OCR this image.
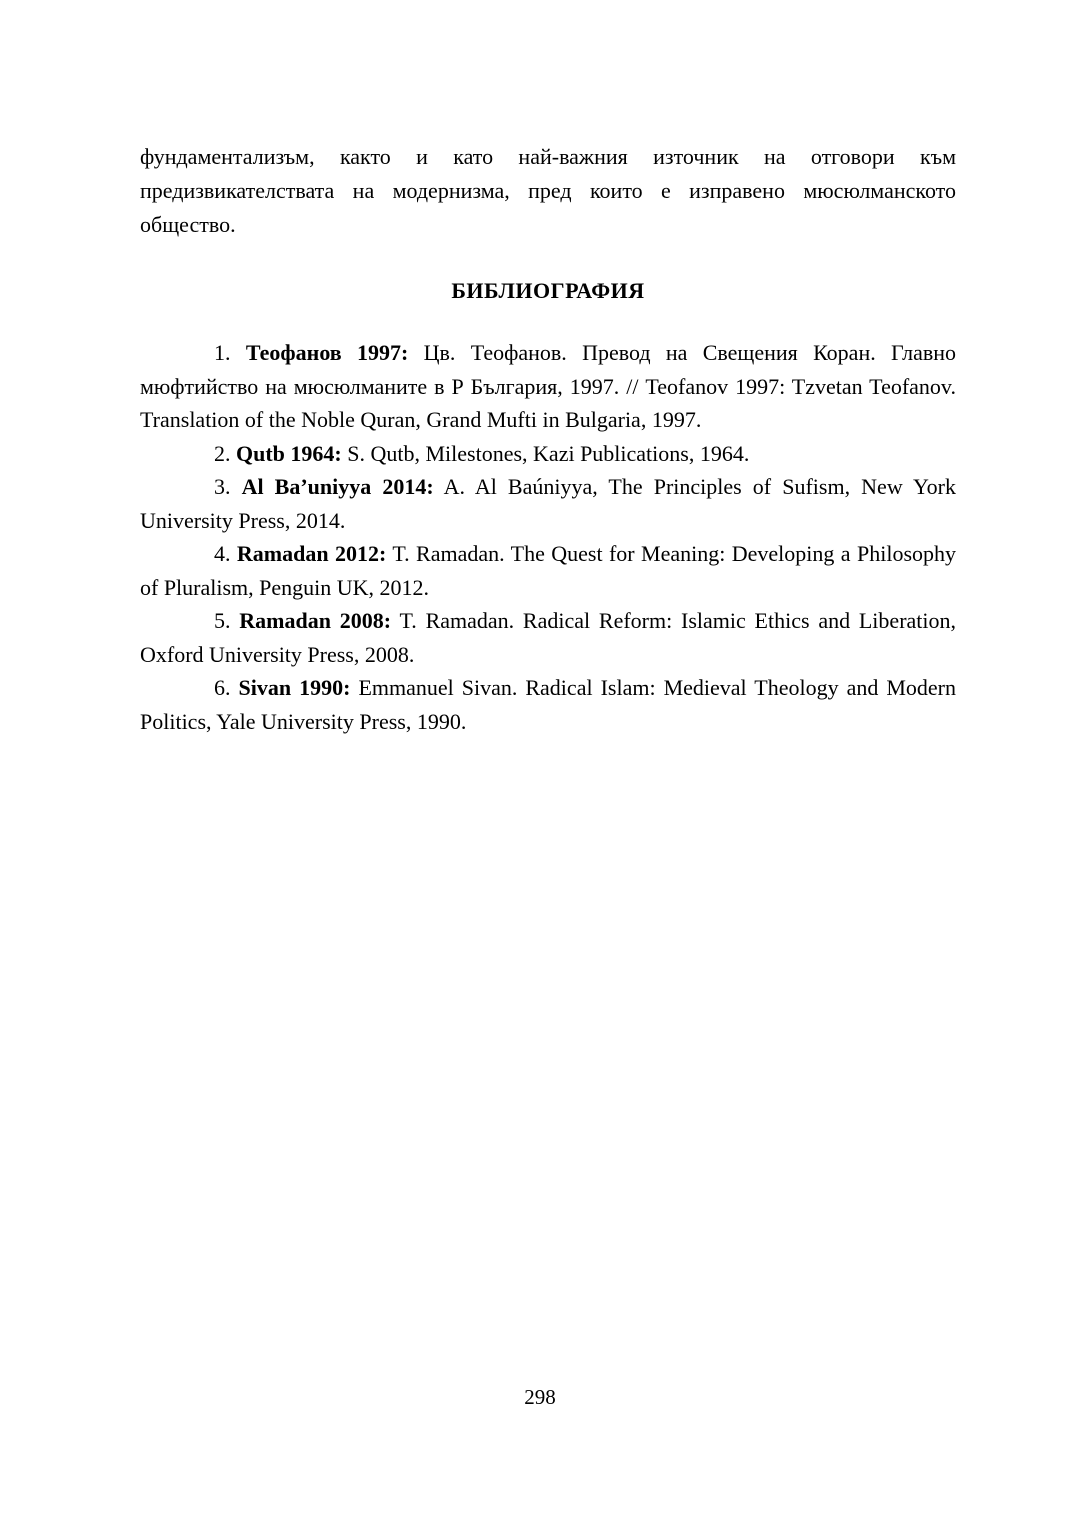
фундаментализъм, както и като най-важния източник на отговори към предизвикателствата на модернизма, пред които е изправено мюсюлманското общество.

БИБЛИОГРАФИЯ

1. Теофанов 1997: Цв. Теофанов. Превод на Свещения Коран. Главно мюфтийство на мюсюлманите в Р България, 1997. // Teofanov 1997: Tzvetan Teofanov. Translation of the Noble Quran, Grand Mufti in Bulgaria, 1997.

2. Qutb 1964: S. Qutb, Milestones, Kazi Publications, 1964.

3. Al Ba’uniyya 2014: A. Al Baúniyya, The Principles of Sufism, New York University Press, 2014.

4. Ramadan 2012: T. Ramadan. The Quest for Meaning: Developing a Philosophy of Pluralism, Penguin UK, 2012.

5. Ramadan 2008: T. Ramadan. Radical Reform: Islamic Ethics and Liberation, Oxford University Press, 2008.

6. Sivan 1990: Emmanuel Sivan. Radical Islam: Medieval Theology and Modern Politics, Yale University Press, 1990.

298
